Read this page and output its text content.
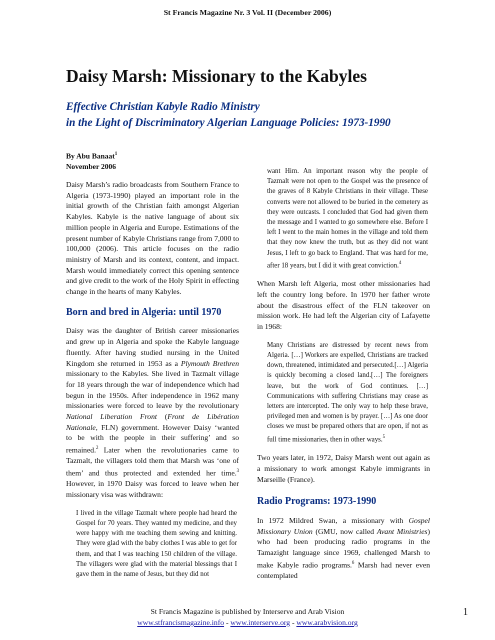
St Francis Magazine Nr. 3 Vol. II (December 2006)
Daisy Marsh: Missionary to the Kabyles
Effective Christian Kabyle Radio Ministry
in the Light of Discriminatory Algerian Language Policies: 1973-1990
By Abu Banaat$^1$
November 2006

Daisy Marsh’s radio broadcasts from Southern France to Algeria (1973-1990) played an important role in the initial growth of the Christian faith amongst Algerian Kabyles. Kabyle is the native language of about six million people in Algeria and Europe. Estimations of the present number of Kabyle Christians range from 7,000 to 100,000 (2006). This article focuses on the radio ministry of Marsh and its context, content, and impact. Marsh would immediately correct this opening sentence and give credit to the work of the Holy Spirit in effecting change in the hearts of many Kabyles.

Born and bred in Algeria: until 1970

Daisy was the daughter of British career missionaries and grew up in Algeria and spoke the Kabyle language fluently. After having studied nursing in the United Kingdom she returned in 1953 as a Plymouth Brethren missionary to the Kabyles. She lived in Tazmalt village for 18 years through the war of independence which had begun in the 1950s. After independence in 1962 many missionaries were forced to leave by the revolutionary National Liberation Front (Front de Libération Nationale, FLN) government. However Daisy ‘wanted to be with the people in their suffering’ and so remained.$^2$ Later when the revolutionaries came to Tazmalt, the villagers told them that Marsh was ‘one of them’ and thus protected and extended her time.$^3$ However, in 1970 Daisy was forced to leave when her missionary visa was withdrawn:

I lived in the village Tazmalt where people had heard the Gospel for 70 years. They wanted my medicine, and they were happy with me teaching them sewing and knitting. They were glad with the baby clothes I was able to get for them, and that I was teaching 150 children of the village. The villagers were glad with the material blessings that I gave them in the name of Jesus, but they did not

want Him. An important reason why the people of Tazmalt were not open to the Gospel was the presence of the graves of 8 Kabyle Christians in their village. These converts were not allowed to be buried in the cemetery as they were outcasts. I concluded that God had given them the message and I wanted to go somewhere else. Before I left I went to the main homes in the village and told them that they now knew the truth, but as they did not want Jesus, I left to go back to England. That was hard for me, after 18 years, but I did it with great conviction.$^4$

When Marsh left Algeria, most other missionaries had left the country long before. In 1970 her father wrote about the disastrous effect of the FLN takeover on mission work. He had left the Algerian city of Lafayette in 1968:

Many Christians are distressed by recent news from Algeria. […] Workers are expelled, Christians are tracked down, threatened, intimidated and persecuted.[…] Algeria is quickly becoming a closed land.[…] The foreigners leave, but the work of God continues. […] Communications with suffering Christians may cease as letters are intercepted. The only way to help these brave, privileged men and women is by prayer. […] As one door closes we must be prepared others that are open, if not as full time missionaries, then in other ways.$^5$

Two years later, in 1972, Daisy Marsh went out again as a missionary to work amongst Kabyle immigrants in Marseille (France).

Radio Programs: 1973-1990

In 1972 Mildred Swan, a missionary with Gospel Missionary Union (GMU, now called Avant Ministries) who had been producing radio programs in the Tamazight language since 1969, challenged Marsh to make Kabyle radio programs.$^6$ Marsh had never even contemplated

St Francis Magazine is published by Interserve and Arab Vision
www.stfrancismagazine.info - www.interserve.org - www.arabvision.org
1
